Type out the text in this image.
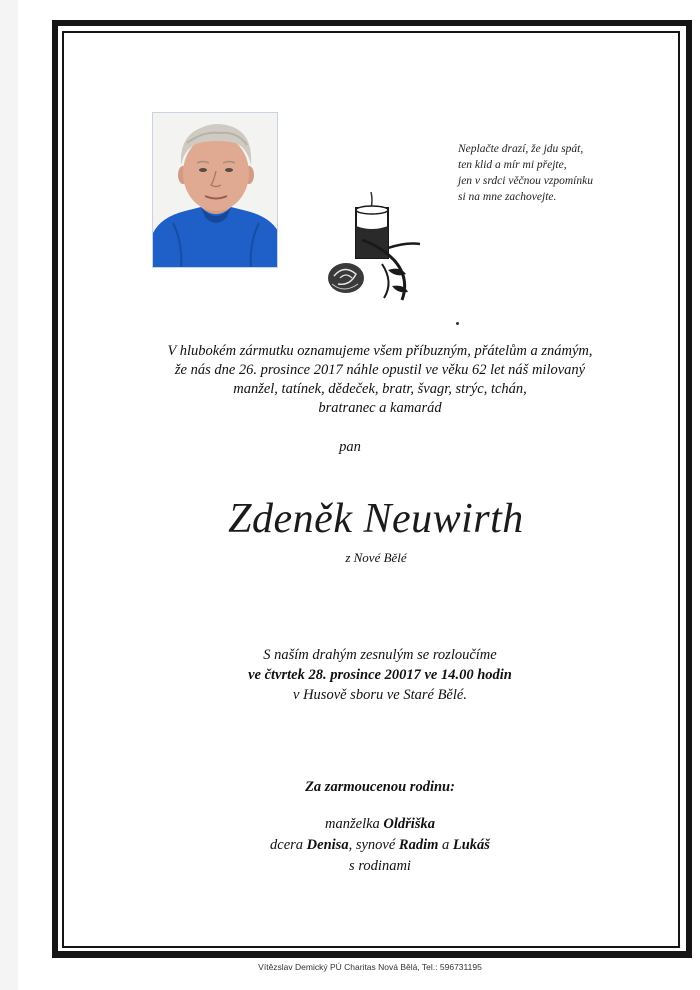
Neplačte drazí, že jdu spát,
ten klid a mír mi přejte,
jen v srdci věčnou vzpomínku
si na mne zachovejte.
V hlubokém zármutku oznamujeme všem příbuzným, přátelům a známým,
že nás dne 26. prosince 2017 náhle opustil ve věku 62 let náš milovaný
manžel, tatínek, dědeček, bratr, švagr, strýc, tchán,
bratranec a kamarád
pan
Zdeněk Neuwirth
z Nové Bělé
S naším drahým zesnulým se rozloučíme
ve čtvrtek 28. prosince 20017 ve 14.00 hodin
v Husově sboru ve Staré Bělé.
Za zarmoucenou rodinu:
manželka Oldřiška
dcera Denisa, synové Radim a Lukáš
s rodinami
Vítězslav Demický PÚ Charitas Nová Bělá, Tel.: 596731195
